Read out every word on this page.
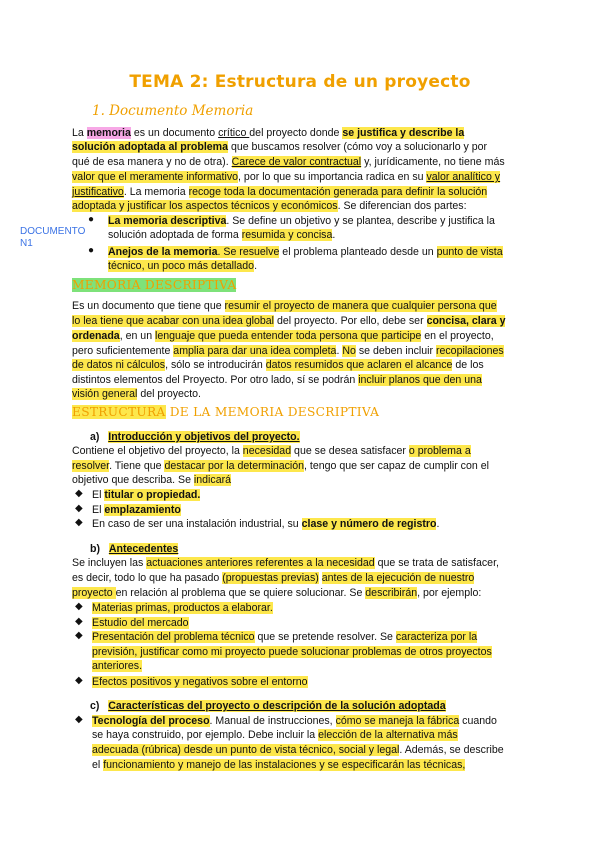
TEMA 2: Estructura de un proyecto
1. Documento Memoria
La memoria es un documento crítico del proyecto donde se justifica y describe la
solución adoptada al problema que buscamos resolver (cómo voy a solucionarlo y por
qué de esa manera y no de otra). Carece de valor contractual y, jurídicamente, no tiene más
valor que el meramente informativo, por lo que su importancia radica en su valor analítico y
justificativo. La memoria recoge toda la documentación generada para definir la solución
adoptada y justificar los aspectos técnicos y económicos. Se diferencian dos partes:
DOCUMENTO N1
● La memoria descriptiva. Se define un objetivo y se plantea, describe y justifica la
solución adoptada de forma resumida y concisa.
● Anejos de la memoria. Se resuelve el problema planteado desde un punto de vista
técnico, un poco más detallado.
MEMORIA DESCRIPTIVA
Es un documento que tiene que resumir el proyecto de manera que cualquier persona que
lo lea tiene que acabar con una idea global del proyecto. Por ello, debe ser concisa, clara y
ordenada, en un lenguaje que pueda entender toda persona que participe en el proyecto,
pero suficientemente amplia para dar una idea completa. No se deben incluir recopilaciones
de datos ni cálculos, sólo se introducirán datos resumidos que aclaren el alcance de los
distintos elementos del Proyecto. Por otro lado, sí se podrán incluir planos que den una
visión general del proyecto.
ESTRUCTURA DE LA MEMORIA DESCRIPTIVA
a) Introducción y objetivos del proyecto.
Contiene el objetivo del proyecto, la necesidad que se desea satisfacer o problema a
resolver. Tiene que destacar por la determinación, tengo que ser capaz de cumplir con el
objetivo que describa. Se indicará
◆ El titular o propiedad.
◆ El emplazamiento
◆ En caso de ser una instalación industrial, su clase y número de registro.
b) Antecedentes
Se incluyen las actuaciones anteriores referentes a la necesidad que se trata de satisfacer,
es decir, todo lo que ha pasado (propuestas previas) antes de la ejecución de nuestro
proyecto en relación al problema que se quiere solucionar. Se describirán, por ejemplo:
◆ Materias primas, productos a elaborar.
◆ Estudio del mercado
◆ Presentación del problema técnico que se pretende resolver. Se caracteriza por la
previsión, justificar como mi proyecto puede solucionar problemas de otros proyectos
anteriores.
◆ Efectos positivos y negativos sobre el entorno
c) Características del proyecto o descripción de la solución adoptada
◆ Tecnología del proceso. Manual de instrucciones, cómo se maneja la fábrica cuando
se haya construido, por ejemplo. Debe incluir la elección de la alternativa más
adecuada (rúbrica) desde un punto de vista técnico, social y legal. Además, se describe
el funcionamiento y manejo de las instalaciones y se especificarán las técnicas,
